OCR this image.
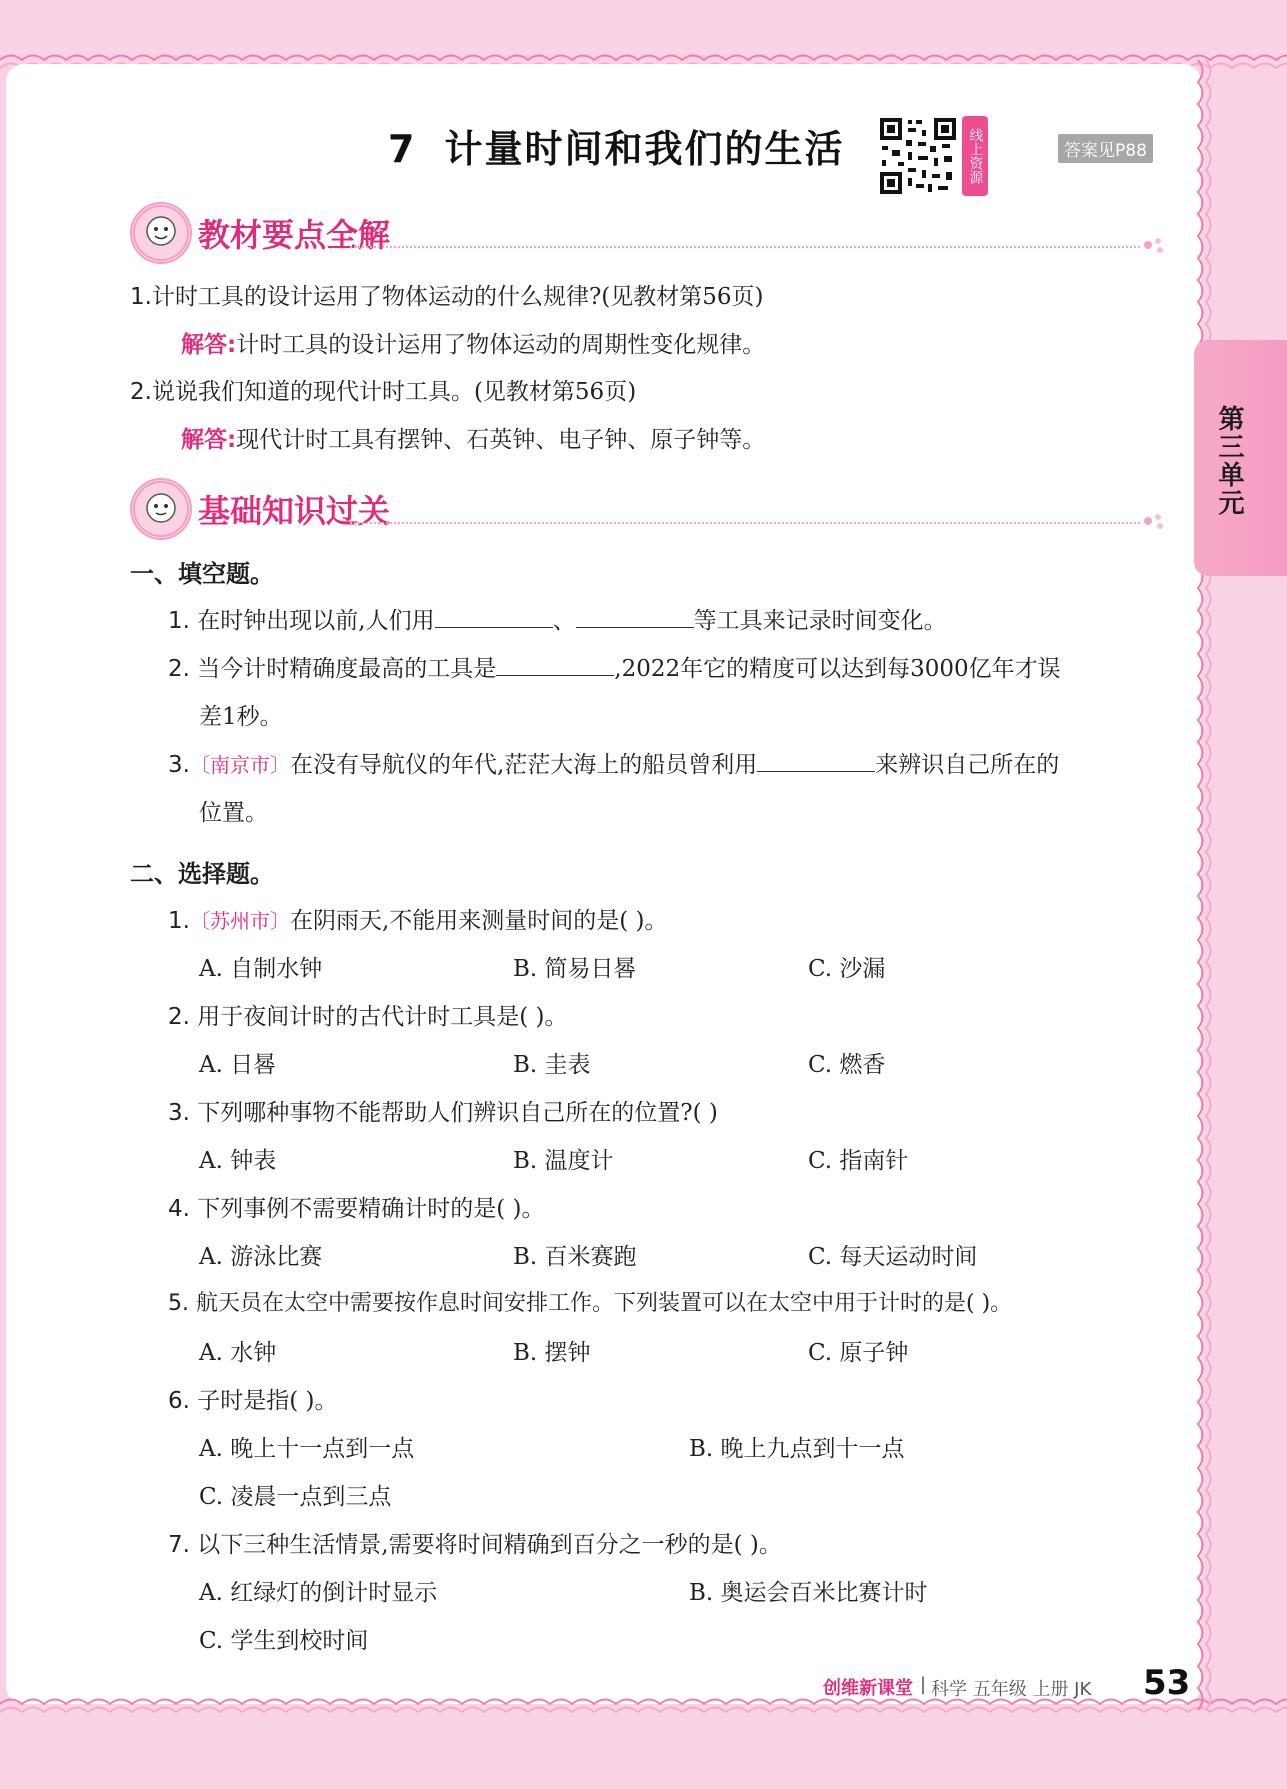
第三单元
7 计量时间和我们的生活	线上资源	答案见P88
教材要点全解
1.计时工具的设计运用了物体运动的什么规律?(见教材第56页)
解答:计时工具的设计运用了物体运动的周期性变化规律。
2.说说我们知道的现代计时工具。(见教材第56页)
解答:现代计时工具有摆钟、石英钟、电子钟、原子钟等。
基础知识过关
一、填空题。
1. 在时钟出现以前,人们用	、	等工具来记录时间变化。
2. 当今计时精确度最高的工具是	,2022年它的精度可以达到每3000亿年才误
差1秒。
3.〔南京市〕在没有导航仪的年代,茫茫大海上的船员曾利用	来辨识自己所在的
位置。
二、选择题。
1.〔苏州市〕在阴雨天,不能用来测量时间的是( )。
A. 自制水钟	B. 简易日晷	C. 沙漏
2. 用于夜间计时的古代计时工具是( )。
A. 日晷	B. 圭表	C. 燃香
3. 下列哪种事物不能帮助人们辨识自己所在的位置?( )
A. 钟表	B. 温度计	C. 指南针
4. 下列事例不需要精确计时的是( )。
A. 游泳比赛	B. 百米赛跑	C. 每天运动时间
5. 航天员在太空中需要按作息时间安排工作。下列装置可以在太空中用于计时的是( )。
A. 水钟	B. 摆钟	C. 原子钟
6. 子时是指( )。
A. 晚上十一点到一点	B. 晚上九点到十一点
C. 凌晨一点到三点
7. 以下三种生活情景,需要将时间精确到百分之一秒的是( )。
A. 红绿灯的倒计时显示	B. 奥运会百米比赛计时
C. 学生到校时间
创维新课堂 | 科学 五年级 上册 JK 53
